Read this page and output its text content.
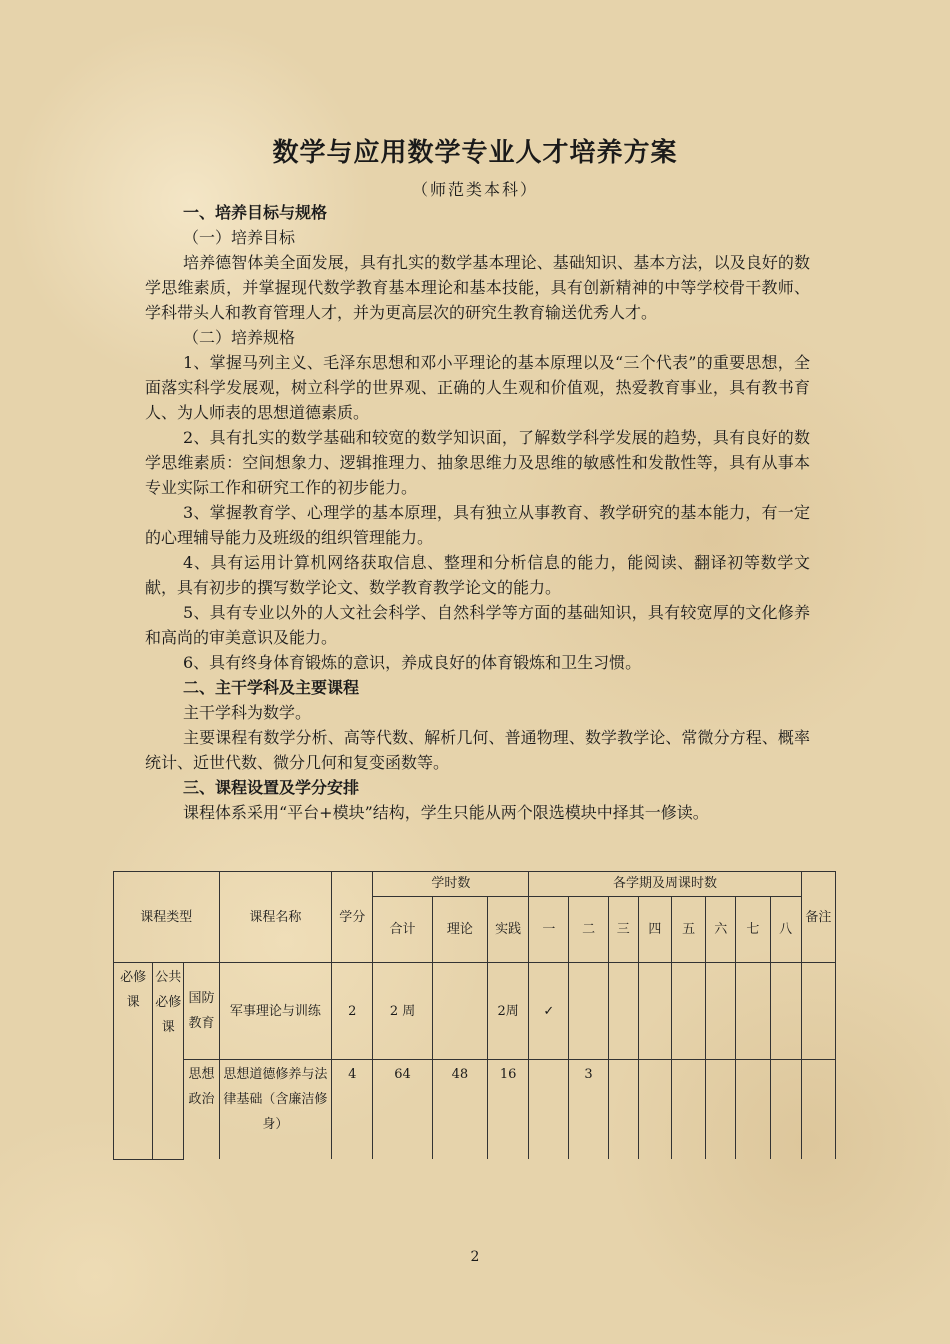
数学与应用数学专业人才培养方案
（师范类本科）

一、培养目标与规格

（一）培养目标

培养德智体美全面发展，具有扎实的数学基本理论、基础知识、基本方法，以及良好的数学思维素质，并掌握现代数学教育基本理论和基本技能，具有创新精神的中等学校骨干教师、学科带头人和教育管理人才，并为更高层次的研究生教育输送优秀人才。

（二）培养规格

1、掌握马列主义、毛泽东思想和邓小平理论的基本原理以及“三个代表”的重要思想，全面落实科学发展观，树立科学的世界观、正确的人生观和价值观，热爱教育事业，具有教书育人、为人师表的思想道德素质。

2、具有扎实的数学基础和较宽的数学知识面，了解数学科学发展的趋势，具有良好的数学思维素质：空间想象力、逻辑推理力、抽象思维力及思维的敏感性和发散性等，具有从事本专业实际工作和研究工作的初步能力。

3、掌握教育学、心理学的基本原理，具有独立从事教育、教学研究的基本能力，有一定的心理辅导能力及班级的组织管理能力。

4、具有运用计算机网络获取信息、整理和分析信息的能力，能阅读、翻译初等数学文献，具有初步的撰写数学论文、数学教育教学论文的能力。

5、具有专业以外的人文社会科学、自然科学等方面的基础知识，具有较宽厚的文化修养和高尚的审美意识及能力。

6、具有终身体育锻炼的意识，养成良好的体育锻炼和卫生习惯。

二、主干学科及主要课程

主干学科为数学。

主要课程有数学分析、高等代数、解析几何、普通物理、数学教学论、常微分方程、概率统计、近世代数、微分几何和复变函数等。

三、课程设置及学分安排

课程体系采用“平台+模块”结构，学生只能从两个限选模块中择其一修读。

课程类型			课程名称	学分	学时数			各学期及周课时数								备注
					合计	理论	实践	一	二	三	四	五	六	七	八	
必修课	公共必修课	国防教育	军事理论与训练	2	2 周		2周	✓								
		思想政治	思想道德修养与法律基础（含廉洁修身）	4	64	48	16		3							
2
